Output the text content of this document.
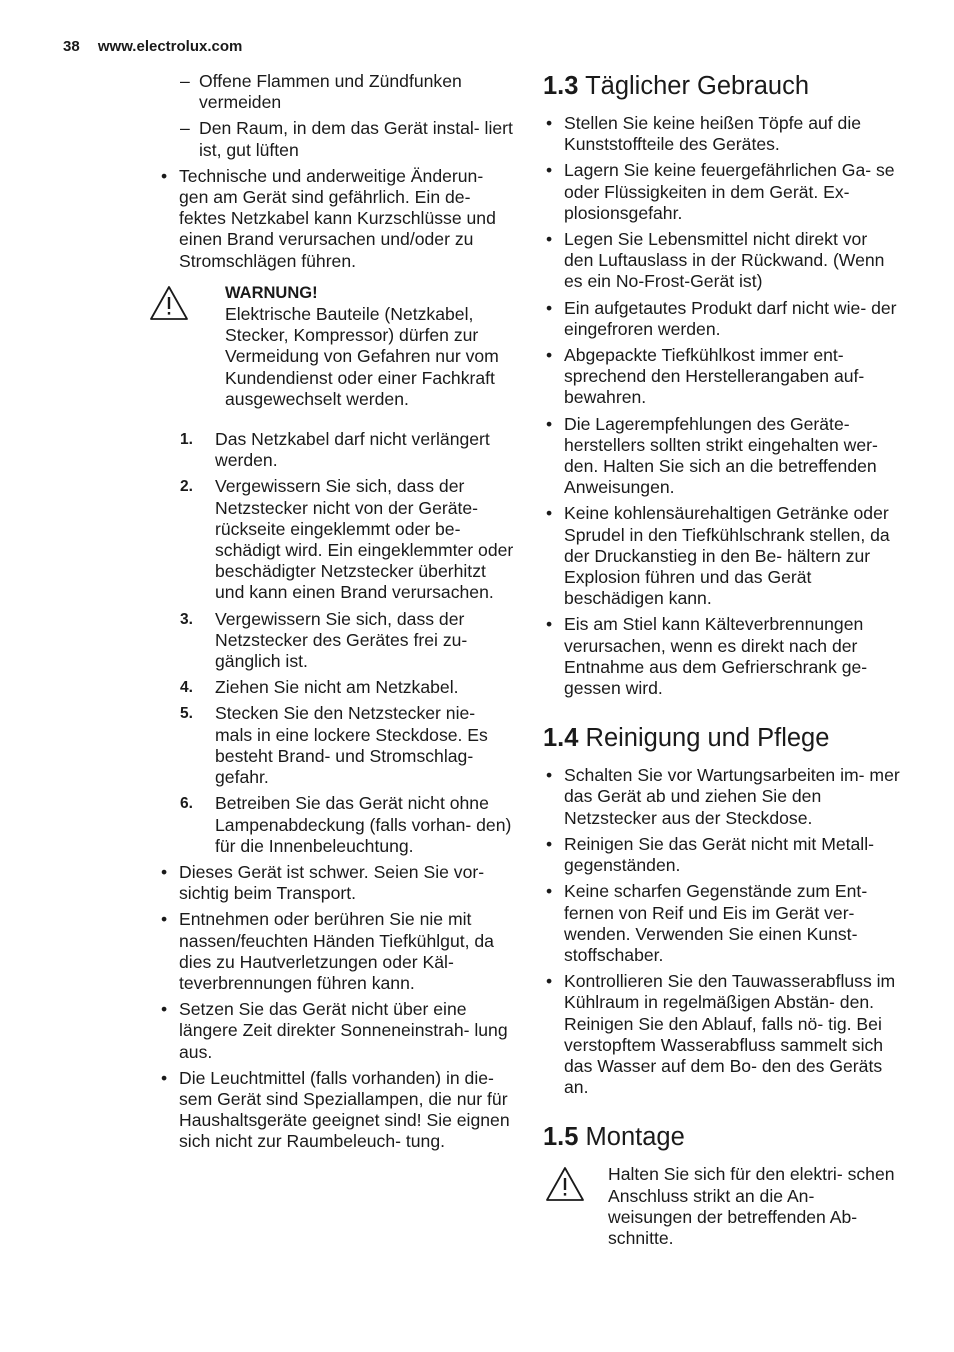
38 www.electrolux.com
– Offene Flammen und Zündfunken vermeiden
– Den Raum, in dem das Gerät instal- liert ist, gut lüften
• Technische und anderweitige Änderun- gen am Gerät sind gefährlich. Ein de- fektes Netzkabel kann Kurzschlüsse und einen Brand verursachen und/oder zu Stromschlägen führen.
WARNUNG!
Elektrische Bauteile (Netzkabel, Stecker, Kompressor) dürfen zur Vermeidung von Gefahren nur vom Kundendienst oder einer Fachkraft ausgewechselt werden.
1. Das Netzkabel darf nicht verlängert werden.
2. Vergewissern Sie sich, dass der Netzstecker nicht von der Geräte- rückseite eingeklemmt oder be- schädigt wird. Ein eingeklemmter oder beschädigter Netzstecker überhitzt und kann einen Brand verursachen.
3. Vergewissern Sie sich, dass der Netzstecker des Gerätes frei zu- gänglich ist.
4. Ziehen Sie nicht am Netzkabel.
5. Stecken Sie den Netzstecker nie- mals in eine lockere Steckdose. Es besteht Brand- und Stromschlag- gefahr.
6. Betreiben Sie das Gerät nicht ohne Lampenabdeckung (falls vorhan- den) für die Innenbeleuchtung.
• Dieses Gerät ist schwer. Seien Sie vor- sichtig beim Transport.
• Entnehmen oder berühren Sie nie mit nassen/feuchten Händen Tiefkühlgut, da dies zu Hautverletzungen oder Käl- teverbrennungen führen kann.
• Setzen Sie das Gerät nicht über eine längere Zeit direkter Sonneneinstrah- lung aus.
• Die Leuchtmittel (falls vorhanden) in die- sem Gerät sind Speziallampen, die nur für Haushaltsgeräte geeignet sind! Sie eignen sich nicht zur Raumbeleuch- tung.
1.3 Täglicher Gebrauch
• Stellen Sie keine heißen Töpfe auf die Kunststoffteile des Gerätes.
• Lagern Sie keine feuergefährlichen Ga- se oder Flüssigkeiten in dem Gerät. Ex- plosionsgefahr.
• Legen Sie Lebensmittel nicht direkt vor den Luftauslass in der Rückwand. (Wenn es ein No-Frost-Gerät ist)
• Ein aufgetautes Produkt darf nicht wie- der eingefroren werden.
• Abgepackte Tiefkühlkost immer ent- sprechend den Herstellerangaben auf- bewahren.
• Die Lagerempfehlungen des Geräte- herstellers sollten strikt eingehalten wer- den. Halten Sie sich an die betreffenden Anweisungen.
• Keine kohlensäurehaltigen Getränke oder Sprudel in den Tiefkühlschrank stellen, da der Druckanstieg in den Be- hältern zur Explosion führen und das Gerät beschädigen kann.
• Eis am Stiel kann Kälteverbrennungen verursachen, wenn es direkt nach der Entnahme aus dem Gefrierschrank ge- gessen wird.
1.4 Reinigung und Pflege
• Schalten Sie vor Wartungsarbeiten im- mer das Gerät ab und ziehen Sie den Netzstecker aus der Steckdose.
• Reinigen Sie das Gerät nicht mit Metall- gegenständen.
• Keine scharfen Gegenstände zum Ent- fernen von Reif und Eis im Gerät ver- wenden. Verwenden Sie einen Kunst- stoffschaber.
• Kontrollieren Sie den Tauwasserabfluss im Kühlraum in regelmäßigen Abstän- den. Reinigen Sie den Ablauf, falls nö- tig. Bei verstopftem Wasserabfluss sammelt sich das Wasser auf dem Bo- den des Geräts an.
1.5 Montage
Halten Sie sich für den elektri- schen Anschluss strikt an die An- weisungen der betreffenden Ab- schnitte.
